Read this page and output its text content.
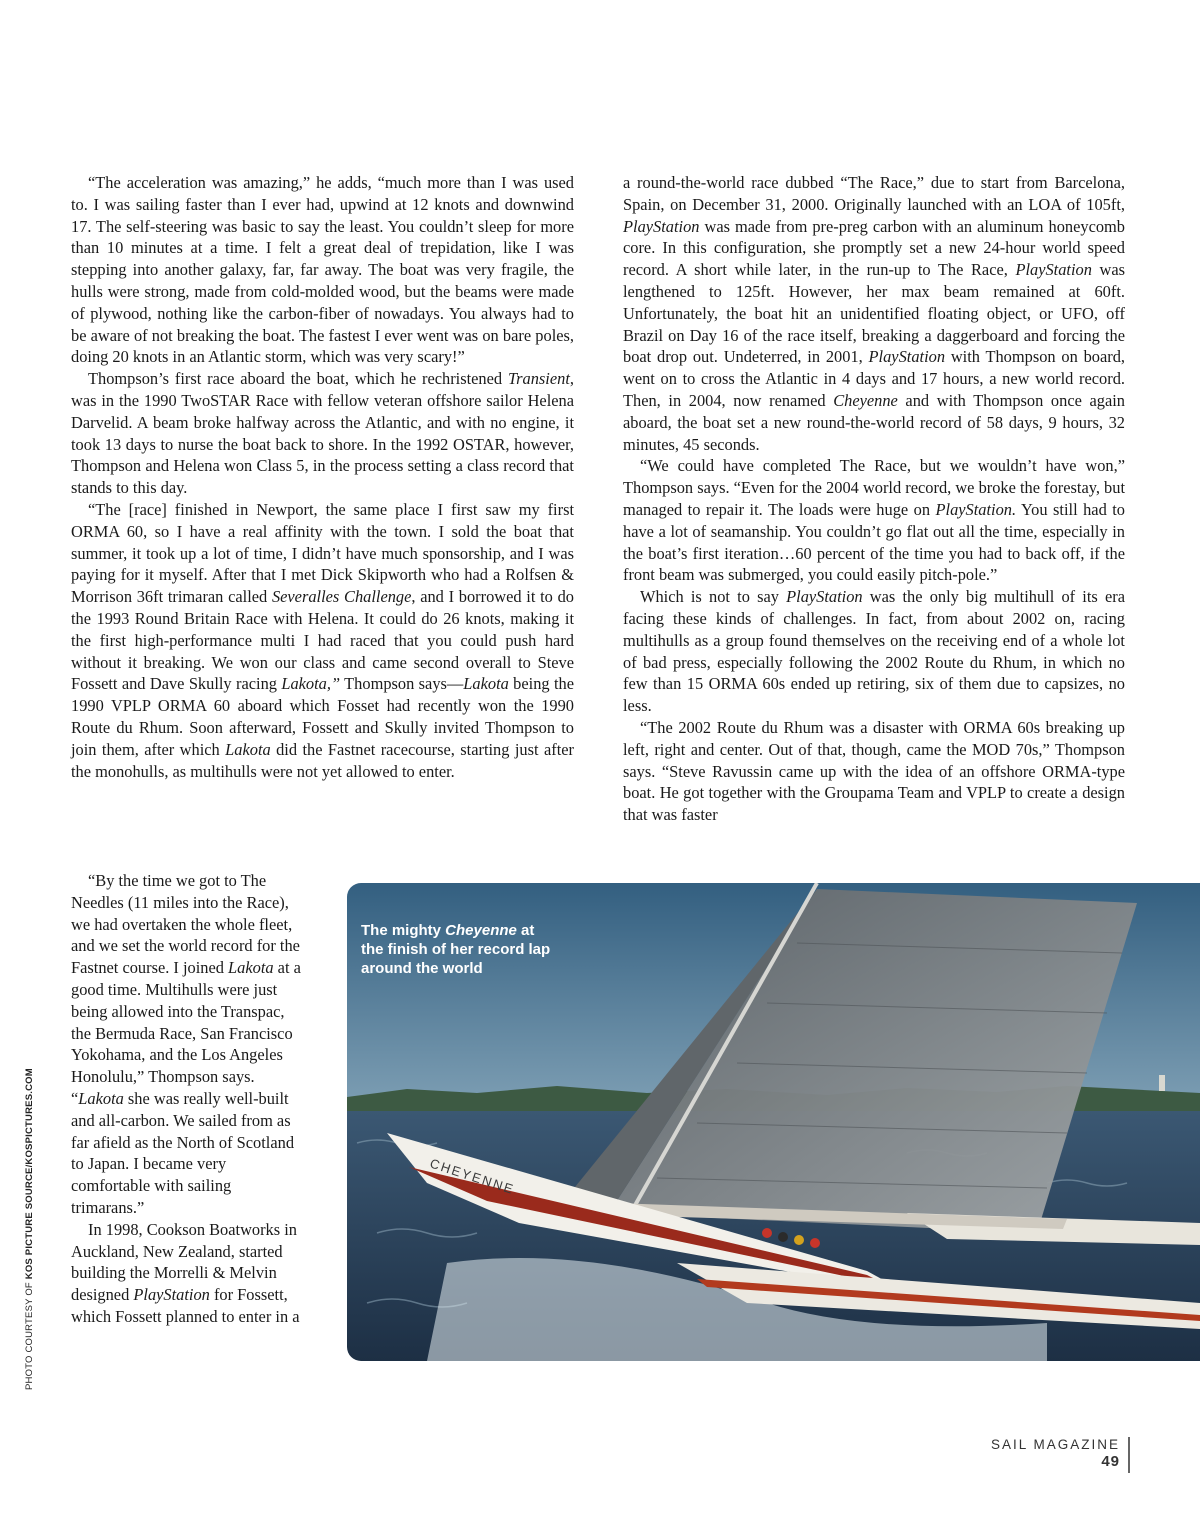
“The acceleration was amazing,” he adds, “much more than I was used to. I was sailing faster than I ever had, upwind at 12 knots and downwind 17. The self-steering was basic to say the least. You couldn’t sleep for more than 10 minutes at a time. I felt a great deal of trepidation, like I was stepping into another galaxy, far, far away. The boat was very fragile, the hulls were strong, made from cold-molded wood, but the beams were made of plywood, nothing like the carbon-fiber of nowadays. You always had to be aware of not breaking the boat. The fastest I ever went was on bare poles, doing 20 knots in an Atlantic storm, which was very scary!”

Thompson’s first race aboard the boat, which he rechristened Transient, was in the 1990 TwoSTAR Race with fellow veteran offshore sailor Helena Darvelid. A beam broke halfway across the Atlantic, and with no engine, it took 13 days to nurse the boat back to shore. In the 1992 OSTAR, however, Thompson and Helena won Class 5, in the process setting a class record that stands to this day.

“The [race] finished in Newport, the same place I first saw my first ORMA 60, so I have a real affinity with the town. I sold the boat that summer, it took up a lot of time, I didn’t have much sponsorship, and I was paying for it myself. After that I met Dick Skipworth who had a Rolfsen & Morrison 36ft trimaran called Severalles Challenge, and I borrowed it to do the 1993 Round Britain Race with Helena. It could do 26 knots, making it the first high-performance multi I had raced that you could push hard without it breaking. We won our class and came second overall to Steve Fossett and Dave Skully racing Lakota,” Thompson says—Lakota being the 1990 VPLP ORMA 60 aboard which Fosset had recently won the 1990 Route du Rhum. Soon afterward, Fossett and Skully invited Thompson to join them, after which Lakota did the Fastnet racecourse, starting just after the monohulls, as multihulls were not yet allowed to enter.

“By the time we got to The Needles (11 miles into the Race), we had overtaken the whole fleet, and we set the world record for the Fastnet course. I joined Lakota at a good time. Multihulls were just being allowed into the Transpac, the Bermuda Race, San Francisco Yokohama, and the Los Angeles Honolulu,” Thompson says. “Lakota she was really well-built and all-carbon. We sailed from as far afield as the North of Scotland to Japan. I became very comfortable with sailing trimarans.”

In 1998, Cookson Boatworks in Auckland, New Zealand, started building the Morrelli & Melvin designed PlayStation for Fossett, which Fossett planned to enter in a

a round-the-world race dubbed “The Race,” due to start from Barcelona, Spain, on December 31, 2000. Originally launched with an LOA of 105ft, PlayStation was made from pre-preg carbon with an aluminum honeycomb core. In this configuration, she promptly set a new 24-hour world speed record. A short while later, in the run-up to The Race, PlayStation was lengthened to 125ft. However, her max beam remained at 60ft. Unfortunately, the boat hit an unidentified floating object, or UFO, off Brazil on Day 16 of the race itself, breaking a daggerboard and forcing the boat drop out. Undeterred, in 2001, PlayStation with Thompson on board, went on to cross the Atlantic in 4 days and 17 hours, a new world record. Then, in 2004, now renamed Cheyenne and with Thompson once again aboard, the boat set a new round-the-world record of 58 days, 9 hours, 32 minutes, 45 seconds.

“We could have completed The Race, but we wouldn’t have won,” Thompson says. “Even for the 2004 world record, we broke the forestay, but managed to repair it. The loads were huge on PlayStation. You still had to have a lot of seamanship. You couldn’t go flat out all the time, especially in the boat’s first iteration…60 percent of the time you had to back off, if the front beam was submerged, you could easily pitch-pole.”

Which is not to say PlayStation was the only big multihull of its era facing these kinds of challenges. In fact, from about 2002 on, racing multihulls as a group found themselves on the receiving end of a whole lot of bad press, especially following the 2002 Route du Rhum, in which no few than 15 ORMA 60s ended up retiring, six of them due to capsizes, no less.

“The 2002 Route du Rhum was a disaster with ORMA 60s breaking up left, right and center. Out of that, though, came the MOD 70s,” Thompson says. “Steve Ravussin came up with the idea of an offshore ORMA-type boat. He got together with the Groupama Team and VPLP to create a design that was faster

CHEYENNE
The mighty Cheyenne at the finish of her record lap around the world
PHOTO COURTESY OF KOS PICTURE SOURCE/KOSPICTURES.COM
SAIL MAGAZINE
49
